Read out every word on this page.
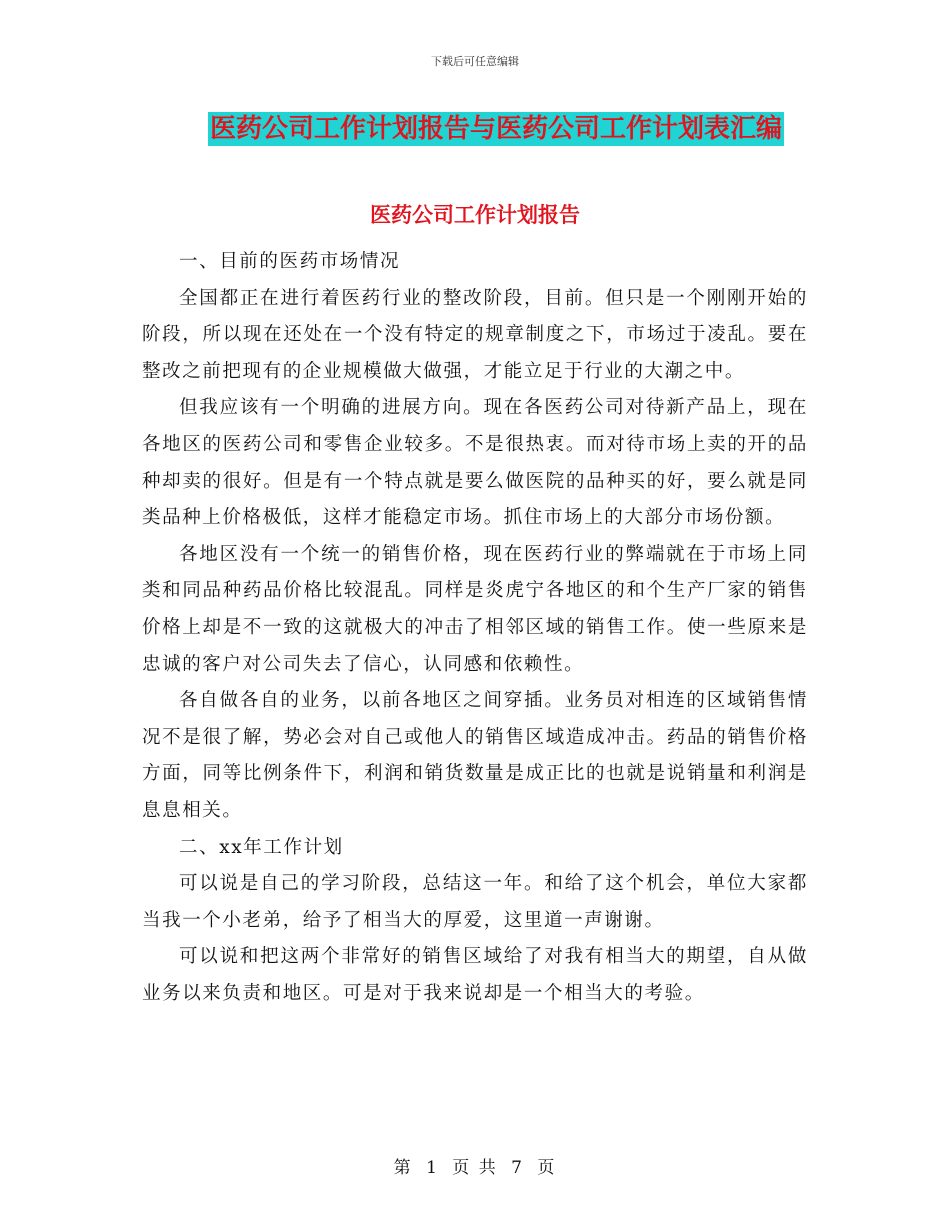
下载后可任意编辑
医药公司工作计划报告与医药公司工作计划表汇编
医药公司工作计划报告

一、目前的医药市场情况

全国都正在进行着医药行业的整改阶段，目前。但只是一个刚刚开始的阶段，所以现在还处在一个没有特定的规章制度之下，市场过于凌乱。要在整改之前把现有的企业规模做大做强，才能立足于行业的大潮之中。

但我应该有一个明确的进展方向。现在各医药公司对待新产品上，现在各地区的医药公司和零售企业较多。不是很热衷。而对待市场上卖的开的品种却卖的很好。但是有一个特点就是要么做医院的品种买的好，要么就是同类品种上价格极低，这样才能稳定市场。抓住市场上的大部分市场份额。

各地区没有一个统一的销售价格，现在医药行业的弊端就在于市场上同类和同品种药品价格比较混乱。同样是炎虎宁各地区的和个生产厂家的销售价格上却是不一致的这就极大的冲击了相邻区域的销售工作。使一些原来是忠诚的客户对公司失去了信心，认同感和依赖性。

各自做各自的业务，以前各地区之间穿插。业务员对相连的区域销售情况不是很了解，势必会对自己或他人的销售区域造成冲击。药品的销售价格方面，同等比例条件下，利润和销货数量是成正比的也就是说销量和利润是息息相关。

二、xx年工作计划

可以说是自己的学习阶段，总结这一年。和给了这个机会，单位大家都当我一个小老弟，给予了相当大的厚爱，这里道一声谢谢。

可以说和把这两个非常好的销售区域给了对我有相当大的期望，自从做业务以来负责和地区。可是对于我来说却是一个相当大的考验。

第 1 页 共 7 页
